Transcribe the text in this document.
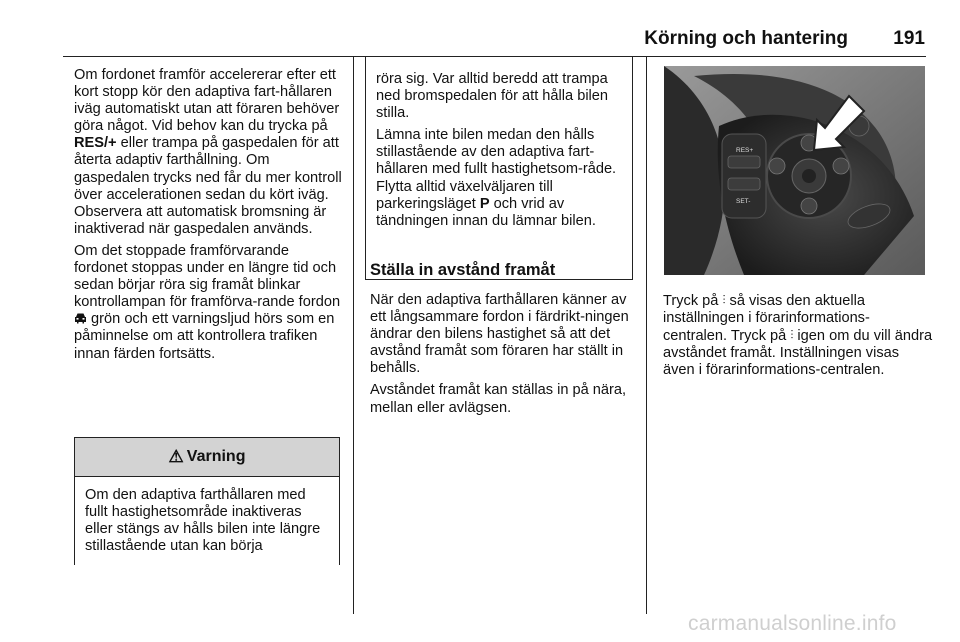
Körning och hantering 191

Om fordonet framför accelererar efter ett kort stopp kör den adaptiva fart-hållaren iväg automatiskt utan att föraren behöver göra något. Vid behov kan du trycka på RES/+ eller trampa på gaspedalen för att återta adaptiv farthållning. Om gaspedalen trycks ned får du mer kontroll över accelerationen sedan du kört iväg. Observera att automatisk bromsning är inaktiverad när gaspedalen används.

Om det stoppade framförvarande fordonet stoppas under en längre tid och sedan börjar röra sig framåt blinkar kontrollampan för framförva-rande fordon  grön och ett varningsljud hörs som en påminnelse om att kontrollera trafiken innan färden fortsätts.

⚠ Varning
Om den adaptiva farthållaren med fullt hastighetsområde inaktiveras eller stängs av hålls bilen inte längre stillastående utan kan börja

röra sig. Var alltid beredd att trampa ned bromspedalen för att hålla bilen stilla.

Lämna inte bilen medan den hålls stillastående av den adaptiva fart-hållaren med fullt hastighetsom-råde. Flytta alltid växelväljaren till parkeringsläget P och vrid av tändningen innan du lämnar bilen.

Ställa in avstånd framåt

När den adaptiva farthållaren känner av ett långsammare fordon i färdrikt-ningen ändrar den bilens hastighet så att det avstånd framåt som föraren har ställt in behålls.

Avståndet framåt kan ställas in på nära, mellan eller avlägsen.

RES+
SET-

Tryck på ⫶ så visas den aktuella inställningen i förarinformations-centralen. Tryck på ⫶ igen om du vill ändra avståndet framåt. Inställningen visas även i förarinformations-centralen.

carmanualsonline.info
